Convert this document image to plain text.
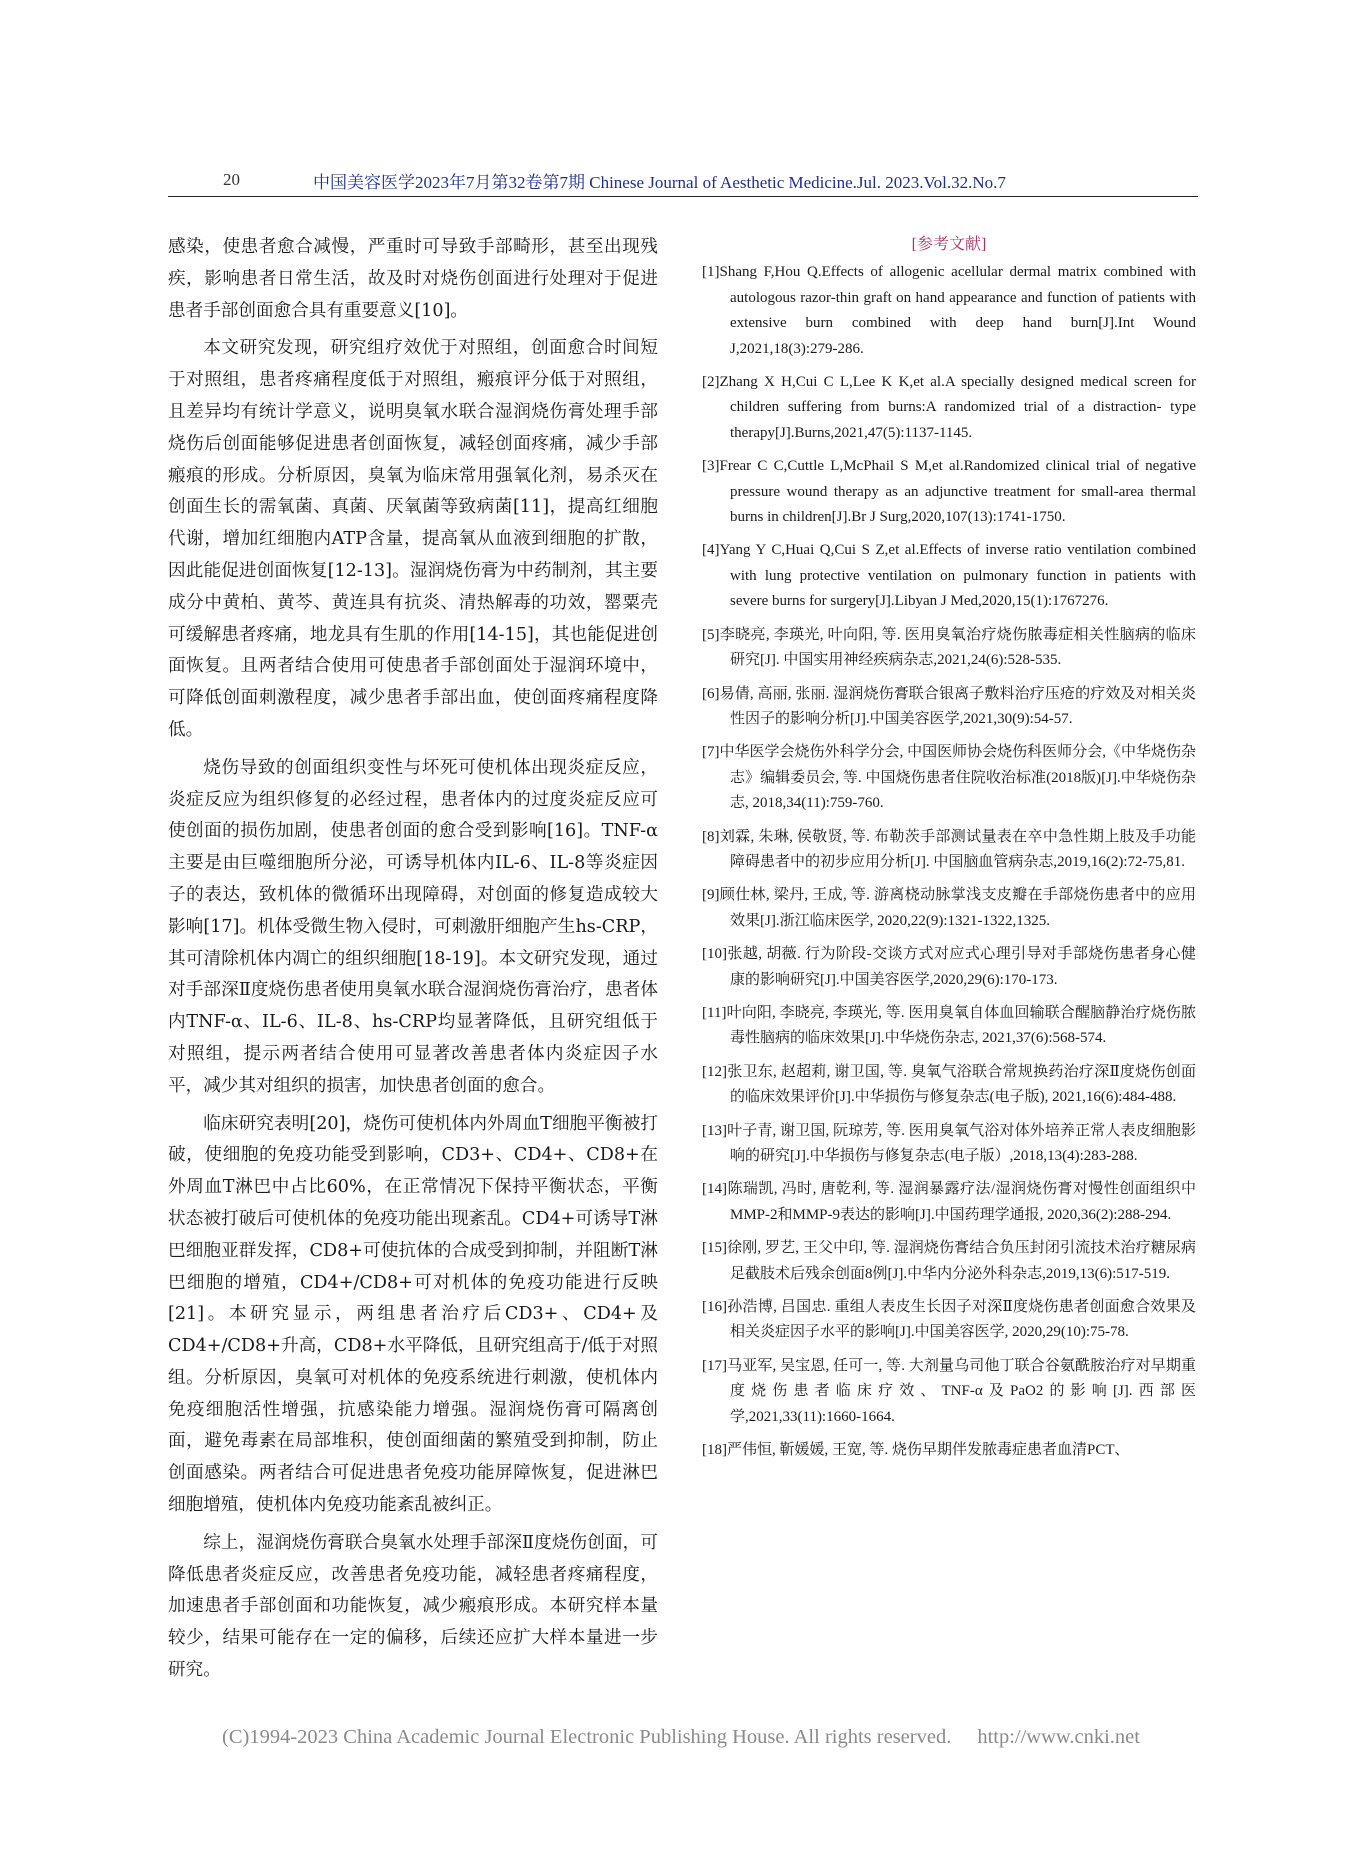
20	中国美容医学2023年7月第32卷第7期 Chinese Journal of Aesthetic Medicine.Jul. 2023.Vol.32.No.7

感染，使患者愈合减慢，严重时可导致手部畸形，甚至出现残疾，影响患者日常生活，故及时对烧伤创面进行处理对于促进患者手部创面愈合具有重要意义[10]。

本文研究发现，研究组疗效优于对照组，创面愈合时间短于对照组，患者疼痛程度低于对照组，瘢痕评分低于对照组，且差异均有统计学意义，说明臭氧水联合湿润烧伤膏处理手部烧伤后创面能够促进患者创面恢复，减轻创面疼痛，减少手部瘢痕的形成。分析原因，臭氧为临床常用强氧化剂，易杀灭在创面生长的需氧菌、真菌、厌氧菌等致病菌[11]，提高红细胞代谢，增加红细胞内ATP含量，提高氧从血液到细胞的扩散，因此能促进创面恢复[12-13]。湿润烧伤膏为中药制剂，其主要成分中黄柏、黄芩、黄连具有抗炎、清热解毒的功效，罂粟壳可缓解患者疼痛，地龙具有生肌的作用[14-15]，其也能促进创面恢复。且两者结合使用可使患者手部创面处于湿润环境中，可降低创面刺激程度，减少患者手部出血，使创面疼痛程度降低。

烧伤导致的创面组织变性与坏死可使机体出现炎症反应，炎症反应为组织修复的必经过程，患者体内的过度炎症反应可使创面的损伤加剧，使患者创面的愈合受到影响[16]。TNF-α主要是由巨噬细胞所分泌，可诱导机体内IL-6、IL-8等炎症因子的表达，致机体的微循环出现障碍，对创面的修复造成较大影响[17]。机体受微生物入侵时，可刺激肝细胞产生hs-CRP，其可清除机体内凋亡的组织细胞[18-19]。本文研究发现，通过对手部深Ⅱ度烧伤患者使用臭氧水联合湿润烧伤膏治疗，患者体内TNF-α、IL-6、IL-8、hs-CRP均显著降低，且研究组低于对照组，提示两者结合使用可显著改善患者体内炎症因子水平，减少其对组织的损害，加快患者创面的愈合。

临床研究表明[20]，烧伤可使机体内外周血T细胞平衡被打破，使细胞的免疫功能受到影响，CD3+、CD4+、CD8+在外周血T淋巴中占比60%，在正常情况下保持平衡状态，平衡状态被打破后可使机体的免疫功能出现紊乱。CD4+可诱导T淋巴细胞亚群发挥，CD8+可使抗体的合成受到抑制，并阻断T淋巴细胞的增殖，CD4+/CD8+可对机体的免疫功能进行反映[21]。本研究显示，两组患者治疗后CD3+、CD4+及CD4+/CD8+升高，CD8+水平降低，且研究组高于/低于对照组。分析原因，臭氧可对机体的免疫系统进行刺激，使机体内免疫细胞活性增强，抗感染能力增强。湿润烧伤膏可隔离创面，避免毒素在局部堆积，使创面细菌的繁殖受到抑制，防止创面感染。两者结合可促进患者免疫功能屏障恢复，促进淋巴细胞增殖，使机体内免疫功能紊乱被纠正。

综上，湿润烧伤膏联合臭氧水处理手部深Ⅱ度烧伤创面，可降低患者炎症反应，改善患者免疫功能，减轻患者疼痛程度，加速患者手部创面和功能恢复，减少瘢痕形成。本研究样本量较少，结果可能存在一定的偏移，后续还应扩大样本量进一步研究。

[参考文献]
[1]Shang F,Hou Q.Effects of allogenic acellular dermal matrix combined with autologous razor-thin graft on hand appearance and function of patients with extensive burn combined with deep hand burn[J].Int Wound J,2021,18(3):279-286.
[2]Zhang X H,Cui C L,Lee K K,et al.A specially designed medical screen for children suffering from burns:A randomized trial of a distraction- type therapy[J].Burns,2021,47(5):1137-1145.
[3]Frear C C,Cuttle L,McPhail S M,et al.Randomized clinical trial of negative pressure wound therapy as an adjunctive treatment for small-area thermal burns in children[J].Br J Surg,2020,107(13):1741-1750.
[4]Yang Y C,Huai Q,Cui S Z,et al.Effects of inverse ratio ventilation combined with lung protective ventilation on pulmonary function in patients with severe burns for surgery[J].Libyan J Med,2020,15(1):1767276.
[5]李晓亮, 李瑛光, 叶向阳, 等. 医用臭氧治疗烧伤脓毒症相关性脑病的临床研究[J]. 中国实用神经疾病杂志,2021,24(6):528-535.
[6]易倩, 高丽, 张丽. 湿润烧伤膏联合银离子敷料治疗压疮的疗效及对相关炎性因子的影响分析[J].中国美容医学,2021,30(9):54-57.
[7]中华医学会烧伤外科学分会, 中国医师协会烧伤科医师分会,《中华烧伤杂志》编辑委员会, 等. 中国烧伤患者住院收治标准(2018版)[J].中华烧伤杂志, 2018,34(11):759-760.
[8]刘霖, 朱琳, 侯敬贤, 等. 布勒茨手部测试量表在卒中急性期上肢及手功能障碍患者中的初步应用分析[J]. 中国脑血管病杂志,2019,16(2):72-75,81.
[9]顾仕林, 梁丹, 王成, 等. 游离桡动脉掌浅支皮瓣在手部烧伤患者中的应用效果[J].浙江临床医学, 2020,22(9):1321-1322,1325.
[10]张越, 胡薇. 行为阶段-交谈方式对应式心理引导对手部烧伤患者身心健康的影响研究[J].中国美容医学,2020,29(6):170-173.
[11]叶向阳, 李晓亮, 李瑛光, 等. 医用臭氧自体血回输联合醒脑静治疗烧伤脓毒性脑病的临床效果[J].中华烧伤杂志, 2021,37(6):568-574.
[12]张卫东, 赵超莉, 谢卫国, 等. 臭氧气浴联合常规换药治疗深Ⅱ度烧伤创面的临床效果评价[J].中华损伤与修复杂志(电子版), 2021,16(6):484-488.
[13]叶子青, 谢卫国, 阮琼芳, 等. 医用臭氧气浴对体外培养正常人表皮细胞影响的研究[J].中华损伤与修复杂志(电子版）,2018,13(4):283-288.
[14]陈瑞凯, 冯时, 唐乾利, 等. 湿润暴露疗法/湿润烧伤膏对慢性创面组织中MMP-2和MMP-9表达的影响[J].中国药理学通报, 2020,36(2):288-294.
[15]徐刚, 罗艺, 王父中印, 等. 湿润烧伤膏结合负压封闭引流技术治疗糖尿病足截肢术后残余创面8例[J].中华内分泌外科杂志,2019,13(6):517-519.
[16]孙浩博, 吕国忠. 重组人表皮生长因子对深Ⅱ度烧伤患者创面愈合效果及相关炎症因子水平的影响[J].中国美容医学, 2020,29(10):75-78.
[17]马亚军, 吴宝恩, 任可一, 等. 大剂量乌司他丁联合谷氨酰胺治疗对早期重度烧伤患者临床疗效、TNF-α及PaO2的影响[J].西部医学,2021,33(11):1660-1664.
[18]严伟恒, 靳媛媛, 王宽, 等. 烧伤早期伴发脓毒症患者血清PCT、
(C)1994-2023 China Academic Journal Electronic Publishing House. All rights reserved. http://www.cnki.net
